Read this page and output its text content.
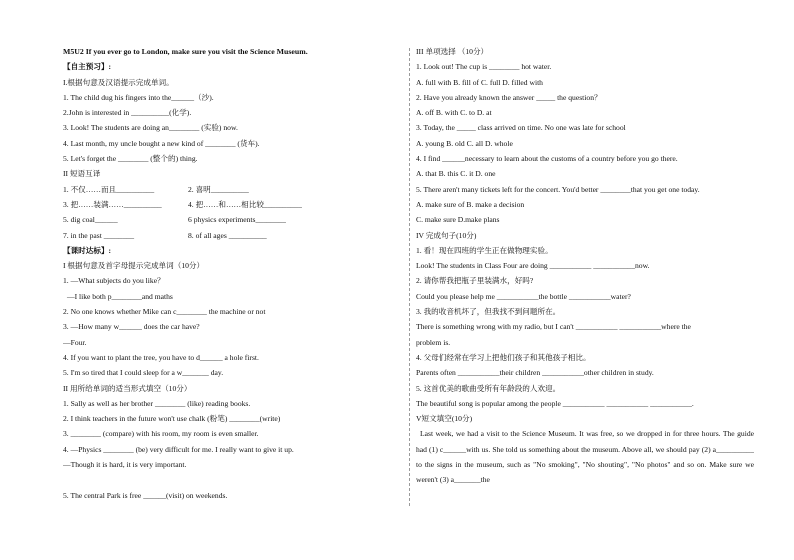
M5U2 If you ever go to London, make sure you visit the Science Museum.
【自主预习】:
I.根据句意及汉语提示完成单词。
1. The child dug his fingers into the______（沙).
2.John is interested in __________(化学).
3. Look! The students are doing an________ (实验) now.
4. Last month, my uncle bought a new kind of ________ (货车).
5. Let's forget the ________ (整个的) thing.
II 短语互译
1. 不仅……而且__________	2. 喜明__________
3. 把……装满……__________	4. 把……和……相比较__________
5. dig coal______	6 physics experiments________
7. in the past ________	8. of all ages __________
【课时达标】:
I 根据句意及首字母提示完成单词（10分）
1. —What subjects do you like？
—I like both p________and maths
2. No one knows whether Mike can c________ the machine or not
3. —How many w______ does the car have?
—Four.
4. If you want to plant the tree, you have to d______ a hole first.
5. I'm so tired that I could sleep for a w_______ day.
II 用所给单词的适当形式填空（10分）
1. Sally as well as her brother ________ (like) reading books.
2. I think teachers in the future won't use chalk (粉笔) ________(write)
3. ________ (compare) with his room, my room is even smaller.
4. —Physics ________ (be) very difficult for me. I really want to give it up.
—Though it is hard, it is very important.
5. The central Park is free ______(visit) on weekends.
III 单项选择 （10分）
1. Look out! The cup is ________ hot water.
A. full with B. fill of C. full D. filled with
2. Have you already known the answer _____ the question？
A. off B. with C. to D. at
3. Today, the _____ class arrived on time. No one was late for school
A. young B. old C. all D. whole
4. I find ______necessary to learn about the customs of a country before you go there.
A. that B. this C. it D. one
5. There aren't many tickets left for the concert. You'd better ________that you get one today.
A. make sure of B. make a decision
C. make sure D.make plans
IV 完成句子(10分)
1. 看！现在四班的学生正在做物理实验。
Look! The students in Class Four are doing ___________ ___________now.
2. 请你帮我把瓶子里装满水，好吗?
Could you please help me ___________the bottle ___________water?
3. 我的收音机坏了，但我找不到问题所在。
There is something wrong with my radio, but I can't ___________ ___________where the
problem is.
4. 父母们经常在学习上把他们孩子和其他孩子相比。
Parents often ___________their children ___________other children in study.
5. 这首优美的歌曲受所有年龄段的人欢迎。
The beautiful song is popular among the people ___________ ___________ ___________.
V短文填空(10分)
Last week, we had a visit to the Science Museum. It was free, so we dropped in for three hours. The guide had (1) c______with us. She told us something about the museum. Above all, we should pay (2) a__________ to the signs in the museum, such as "No smoking", "No shouting", "No photos" and so on. Make sure we weren't (3) a_______the
